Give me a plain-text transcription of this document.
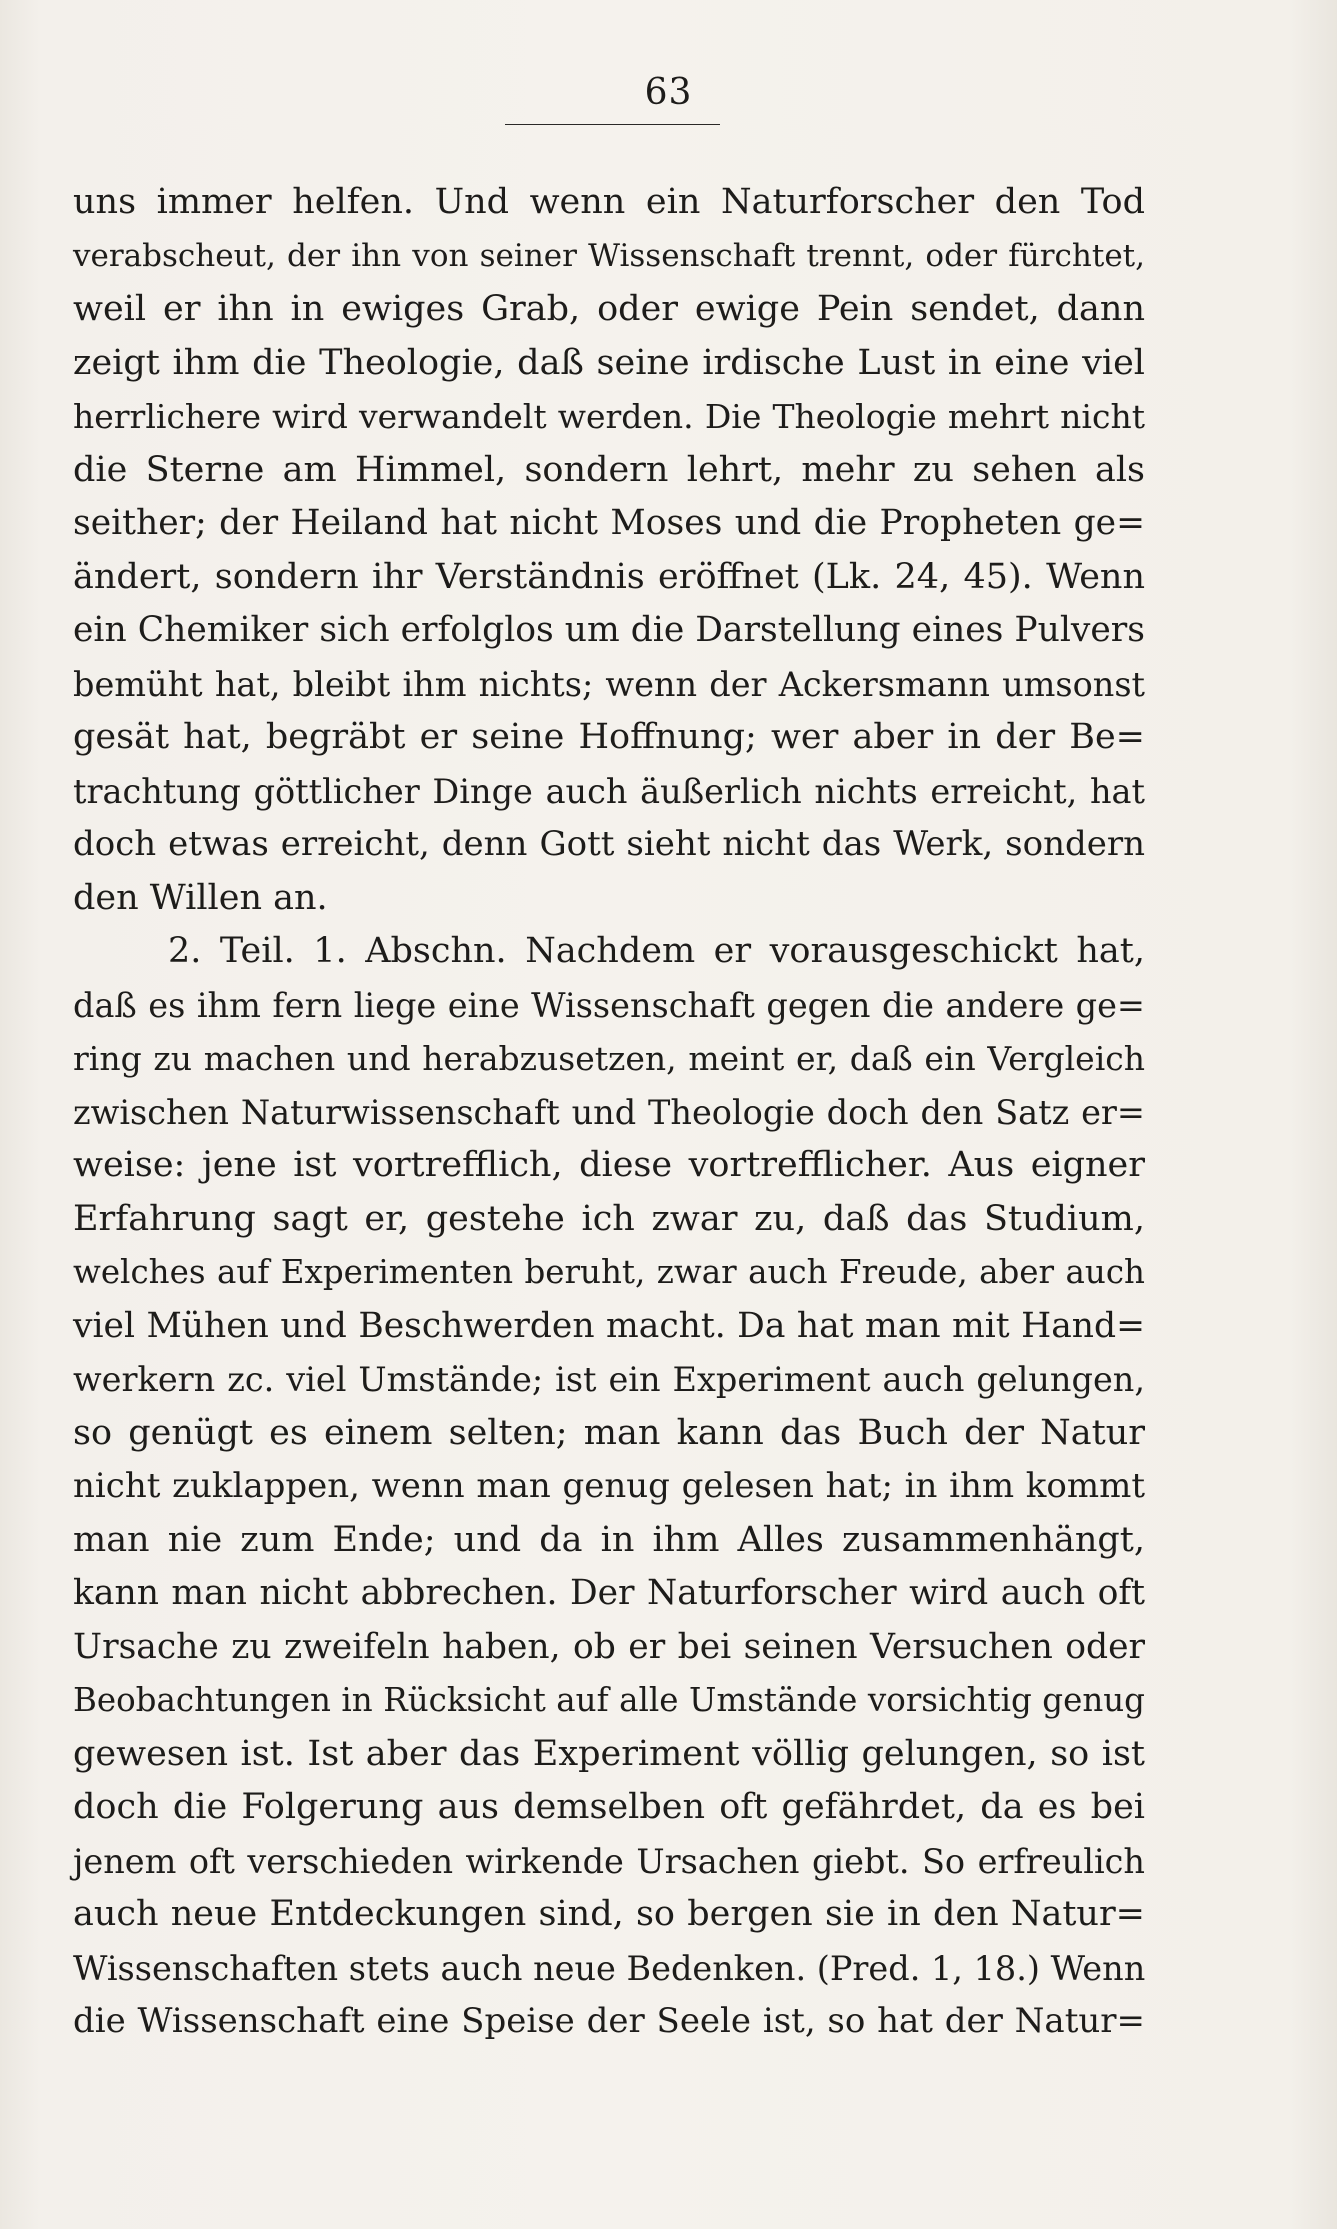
63
uns immer helfen. Und wenn ein Naturforscher den Tod
verabscheut, der ihn von seiner Wissenschaft trennt, oder fürchtet,
weil er ihn in ewiges Grab, oder ewige Pein sendet, dann
zeigt ihm die Theologie, daß seine irdische Lust in eine viel
herrlichere wird verwandelt werden. Die Theologie mehrt nicht
die Sterne am Himmel, sondern lehrt, mehr zu sehen als
seither; der Heiland hat nicht Moses und die Propheten ge=
ändert, sondern ihr Verständnis eröffnet (Lk. 24, 45). Wenn
ein Chemiker sich erfolglos um die Darstellung eines Pulvers
bemüht hat, bleibt ihm nichts; wenn der Ackersmann umsonst
gesät hat, begräbt er seine Hoffnung; wer aber in der Be=
trachtung göttlicher Dinge auch äußerlich nichts erreicht, hat
doch etwas erreicht, denn Gott sieht nicht das Werk, sondern
den Willen an.
2. Teil. 1. Abschn. Nachdem er vorausgeschickt hat,
daß es ihm fern liege eine Wissenschaft gegen die andere ge=
ring zu machen und herabzusetzen, meint er, daß ein Vergleich
zwischen Naturwissenschaft und Theologie doch den Satz er=
weise: jene ist vortrefflich, diese vortrefflicher. Aus eigner
Erfahrung sagt er, gestehe ich zwar zu, daß das Studium,
welches auf Experimenten beruht, zwar auch Freude, aber auch
viel Mühen und Beschwerden macht. Da hat man mit Hand=
werkern zc. viel Umstände; ist ein Experiment auch gelungen,
so genügt es einem selten; man kann das Buch der Natur
nicht zuklappen, wenn man genug gelesen hat; in ihm kommt
man nie zum Ende; und da in ihm Alles zusammenhängt,
kann man nicht abbrechen. Der Naturforscher wird auch oft
Ursache zu zweifeln haben, ob er bei seinen Versuchen oder
Beobachtungen in Rücksicht auf alle Umstände vorsichtig genug
gewesen ist. Ist aber das Experiment völlig gelungen, so ist
doch die Folgerung aus demselben oft gefährdet, da es bei
jenem oft verschieden wirkende Ursachen giebt. So erfreulich
auch neue Entdeckungen sind, so bergen sie in den Natur=
Wissenschaften stets auch neue Bedenken. (Pred. 1, 18.) Wenn
die Wissenschaft eine Speise der Seele ist, so hat der Natur=
